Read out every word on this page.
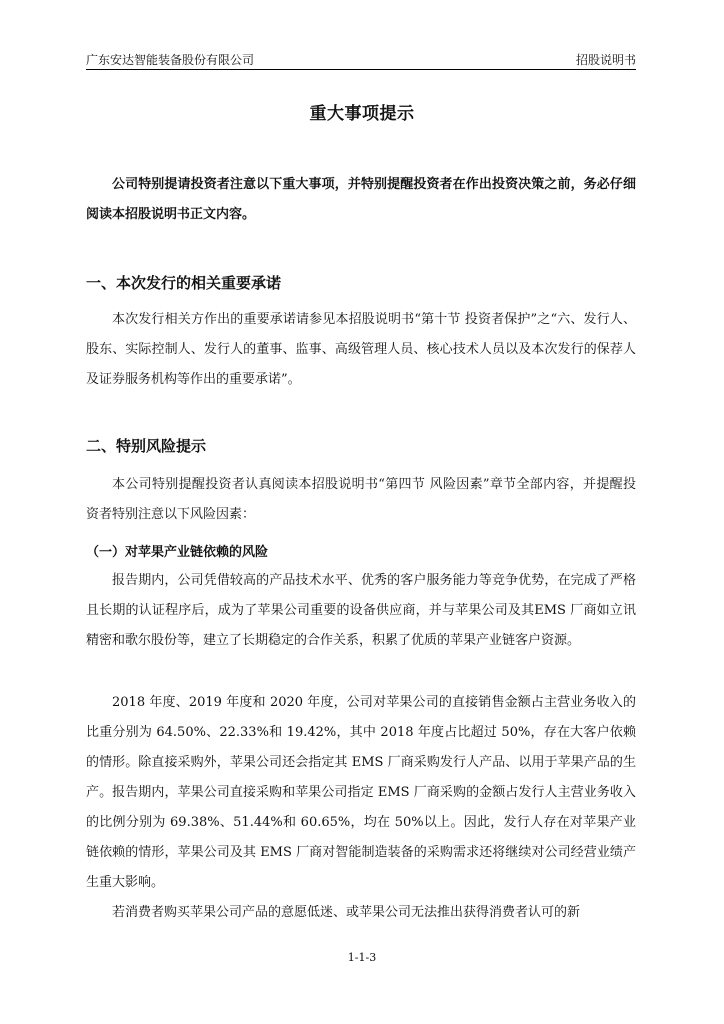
广东安达智能装备股份有限公司	招股说明书
重大事项提示

公司特别提请投资者注意以下重大事项，并特别提醒投资者在作出投资决策之前，务必仔细阅读本招股说明书正文内容。

一、本次发行的相关重要承诺

本次发行相关方作出的重要承诺请参见本招股说明书“第十节 投资者保护”之“六、发行人、股东、实际控制人、发行人的董事、监事、高级管理人员、核心技术人员以及本次发行的保荐人及证券服务机构等作出的重要承诺”。

二、特别风险提示

本公司特别提醒投资者认真阅读本招股说明书“第四节 风险因素”章节全部内容，并提醒投资者特别注意以下风险因素：

（一）对苹果产业链依赖的风险

报告期内，公司凭借较高的产品技术水平、优秀的客户服务能力等竞争优势，在完成了严格且长期的认证程序后，成为了苹果公司重要的设备供应商，并与苹果公司及其EMS 厂商如立讯精密和歌尔股份等，建立了长期稳定的合作关系，积累了优质的苹果产业链客户资源。

2018 年度、2019 年度和 2020 年度，公司对苹果公司的直接销售金额占主营业务收入的比重分别为 64.50%、22.33%和 19.42%，其中 2018 年度占比超过 50%，存在大客户依赖的情形。除直接采购外，苹果公司还会指定其 EMS 厂商采购发行人产品、以用于苹果产品的生产。报告期内，苹果公司直接采购和苹果公司指定 EMS 厂商采购的金额占发行人主营业务收入的比例分别为 69.38%、51.44%和 60.65%，均在 50%以上。因此，发行人存在对苹果产业链依赖的情形，苹果公司及其 EMS 厂商对智能制造装备的采购需求还将继续对公司经营业绩产生重大影响。

若消费者购买苹果公司产品的意愿低迷、或苹果公司无法推出获得消费者认可的新

1-1-3
